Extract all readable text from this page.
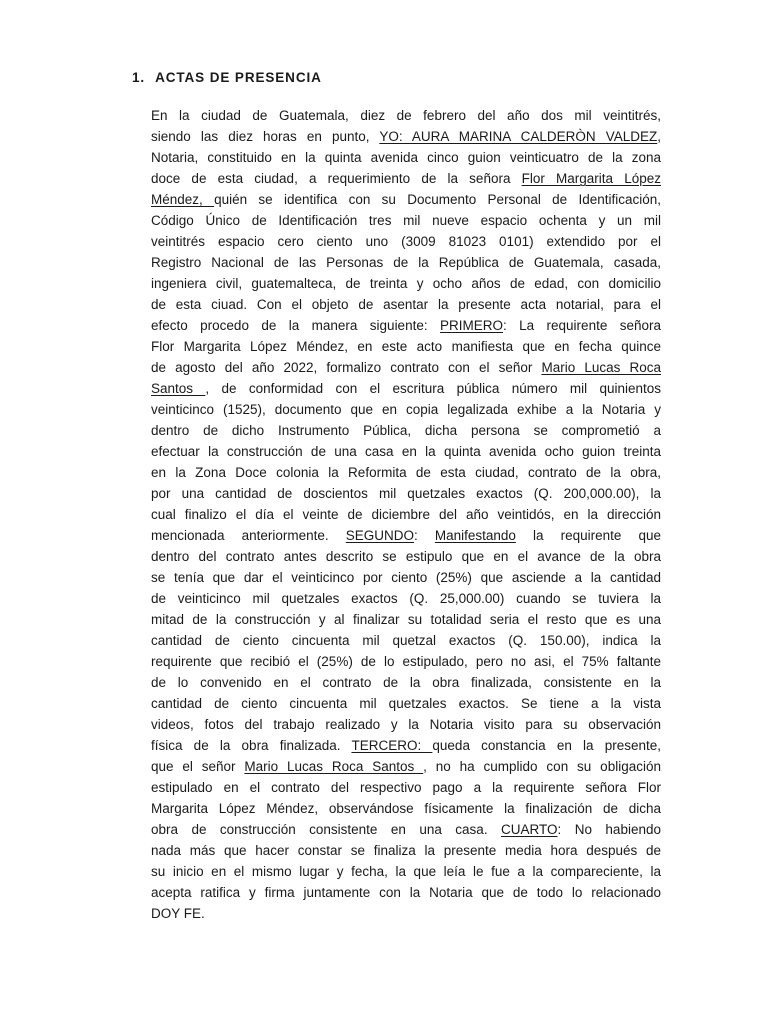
1. ACTAS DE PRESENCIA
En la ciudad de Guatemala, diez de febrero del año dos mil veintitrés,
siendo las diez horas en punto, YO: AURA MARINA CALDERÒN VALDEZ,
Notaria, constituido en la quinta avenida cinco guion veinticuatro de la zona
doce de esta ciudad, a requerimiento de la señora Flor Margarita López
Méndez, quién se identifica con su Documento Personal de Identificación,
Código Único de Identificación tres mil nueve espacio ochenta y un mil
veintitrés espacio cero ciento uno (3009 81023 0101) extendido por el
Registro Nacional de las Personas de la República de Guatemala, casada,
ingeniera civil, guatemalteca, de treinta y ocho años de edad, con domicilio
de esta ciuad. Con el objeto de asentar la presente acta notarial, para el
efecto procedo de la manera siguiente: PRIMERO: La requirente señora
Flor Margarita López Méndez, en este acto manifiesta que en fecha quince
de agosto del año 2022, formalizo contrato con el señor Mario Lucas Roca
Santos , de conformidad con el escritura pública número mil quinientos
veinticinco (1525), documento que en copia legalizada exhibe a la Notaria y
dentro de dicho Instrumento Pública, dicha persona se comprometió a
efectuar la construcción de una casa en la quinta avenida ocho guion treinta
en la Zona Doce colonia la Reformita de esta ciudad, contrato de la obra,
por una cantidad de doscientos mil quetzales exactos (Q. 200,000.00), la
cual finalizo el día el veinte de diciembre del año veintidós, en la dirección
mencionada anteriormente. SEGUNDO: Manifestando la requirente que
dentro del contrato antes descrito se estipulo que en el avance de la obra
se tenía que dar el veinticinco por ciento (25%) que asciende a la cantidad
de veinticinco mil quetzales exactos (Q. 25,000.00) cuando se tuviera la
mitad de la construcción y al finalizar su totalidad seria el resto que es una
cantidad de ciento cincuenta mil quetzal exactos (Q. 150.00), indica la
requirente que recibió el (25%) de lo estipulado, pero no asi, el 75% faltante
de lo convenido en el contrato de la obra finalizada, consistente en la
cantidad de ciento cincuenta mil quetzales exactos. Se tiene a la vista
videos, fotos del trabajo realizado y la Notaria visito para su observación
física de la obra finalizada. TERCERO: queda constancia en la presente,
que el señor Mario Lucas Roca Santos , no ha cumplido con su obligación
estipulado en el contrato del respectivo pago a la requirente señora Flor
Margarita López Méndez, observándose físicamente la finalización de dicha
obra de construcción consistente en una casa. CUARTO: No habiendo
nada más que hacer constar se finaliza la presente media hora después de
su inicio en el mismo lugar y fecha, la que leía le fue a la compareciente, la
acepta ratifica y firma juntamente con la Notaria que de todo lo relacionado
DOY FE.
